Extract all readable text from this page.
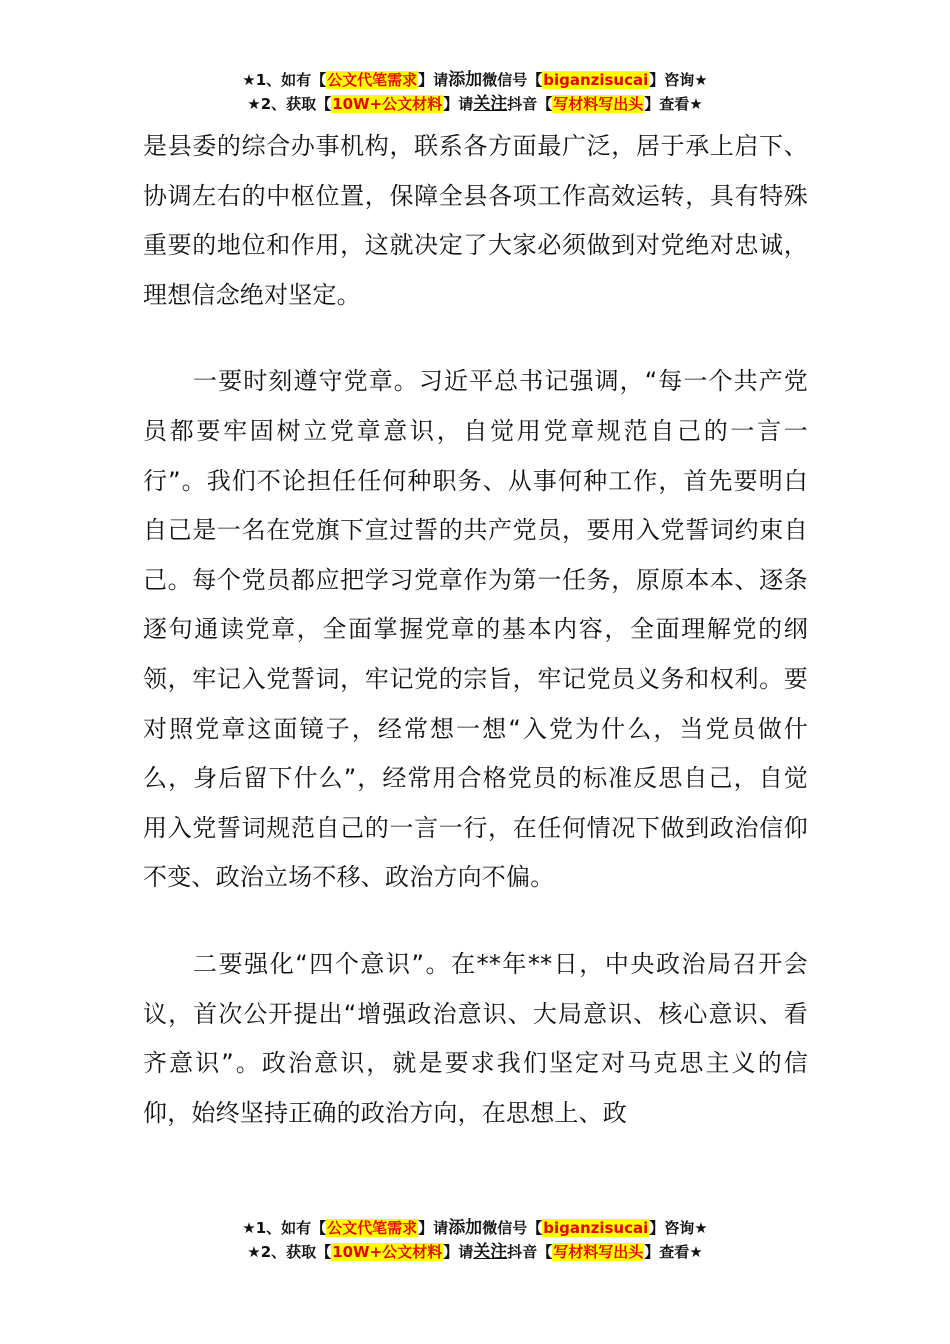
★1、如有【公文代笔需求】请添加微信号【biganzisucai】咨询★
★2、获取【10W+公文材料】请关注抖音【写材料写出头】查看★

是县委的综合办事机构，联系各方面最广泛，居于承上启下、协调左右的中枢位置，保障全县各项工作高效运转，具有特殊重要的地位和作用，这就决定了大家必须做到对党绝对忠诚，理想信念绝对坚定。

一要时刻遵守党章。习近平总书记强调，“每一个共产党员都要牢固树立党章意识，自觉用党章规范自己的一言一行”。我们不论担任任何种职务、从事何种工作，首先要明白自己是一名在党旗下宣过誓的共产党员，要用入党誓词约束自己。每个党员都应把学习党章作为第一任务，原原本本、逐条逐句通读党章，全面掌握党章的基本内容，全面理解党的纲领，牢记入党誓词，牢记党的宗旨，牢记党员义务和权利。要对照党章这面镜子，经常想一想“入党为什么，当党员做什么，身后留下什么”，经常用合格党员的标准反思自己，自觉用入党誓词规范自己的一言一行，在任何情况下做到政治信仰不变、政治立场不移、政治方向不偏。

二要强化“四个意识”。在**年**日，中央政治局召开会议，首次公开提出“增强政治意识、大局意识、核心意识、看齐意识”。政治意识，就是要求我们坚定对马克思主义的信仰，始终坚持正确的政治方向，在思想上、政

★1、如有【公文代笔需求】请添加微信号【biganzisucai】咨询★
★2、获取【10W+公文材料】请关注抖音【写材料写出头】查看★
